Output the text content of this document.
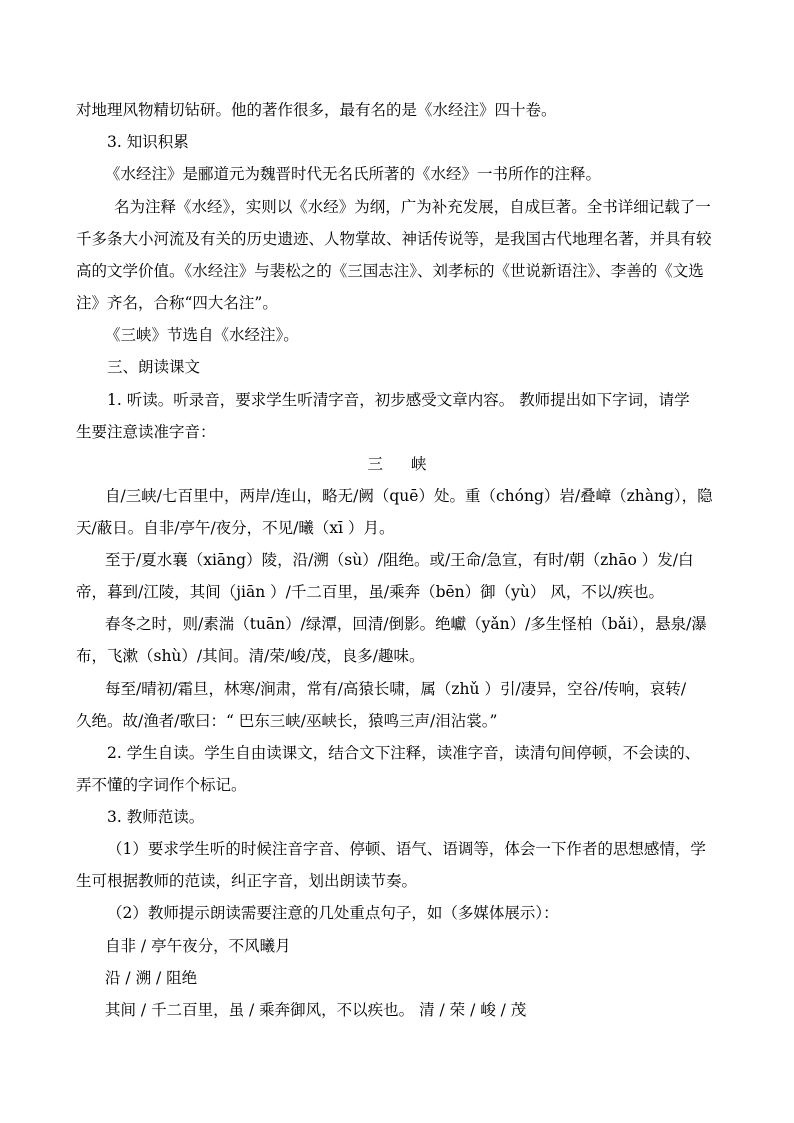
对地理风物精切钻研。他的著作很多，最有名的是《水经注》四十卷。

3. 知识积累

《水经注》是郦道元为魏晋时代无名氏所著的《水经》一书所作的注释。

名为注释《水经》，实则以《水经》为纲，广为补充发展，自成巨著。全书详细记载了一

千多条大小河流及有关的历史遗迹、人物掌故、神话传说等，是我国古代地理名著，并具有较

高的文学价值。《水经注》与裴松之的《三国志注》、刘孝标的《世说新语注》、李善的《文选

注》齐名，合称“四大名注”。

《三峡》节选自《水经注》。

三、朗读课文

1. 听读。听录音，要求学生听清字音，初步感受文章内容。 教师提出如下字词，请学

生要注意读准字音：

三 峡

自/三峡/七百里中，两岸/连山，略无/阙（quē）处。重（chóng）岩/叠嶂（zhàng），隐

天/蔽日。自非/亭午/夜分，不见/曦（xī ）月。

至于/夏水襄（xiāng）陵，沿/溯（sù）/阻绝。或/王命/急宣，有时/朝（zhāo ）发/白

帝，暮到/江陵，其间（jiān ）/千二百里，虽/乘奔（bēn）御（yù） 风，不以/疾也。

春冬之时，则/素湍（tuān）/绿潭，回清/倒影。绝巘（yǎn）/多生怪柏（bǎi），悬泉/瀑

布，飞漱（shù）/其间。清/荣/峻/茂，良多/趣味。

每至/晴初/霜旦，林寒/涧肃，常有/高猿长啸，属（zhǔ ）引/凄异，空谷/传响，哀转/

久绝。故/渔者/歌曰：“ 巴东三峡/巫峡长，猿鸣三声/泪沾裳。”

2. 学生自读。学生自由读课文，结合文下注释，读准字音，读清句间停顿，不会读的、

弄不懂的字词作个标记。

3. 教师范读。

（1）要求学生听的时候注音字音、停顿、语气、语调等，体会一下作者的思想感情，学

生可根据教师的范读，纠正字音，划出朗读节奏。

（2）教师提示朗读需要注意的几处重点句子，如（多媒体展示）：

自非 / 亭午夜分，不风曦月

沿 / 溯 / 阻绝

其间 / 千二百里，虽 / 乘奔御风，不以疾也。 清 / 荣 / 峻 / 茂
